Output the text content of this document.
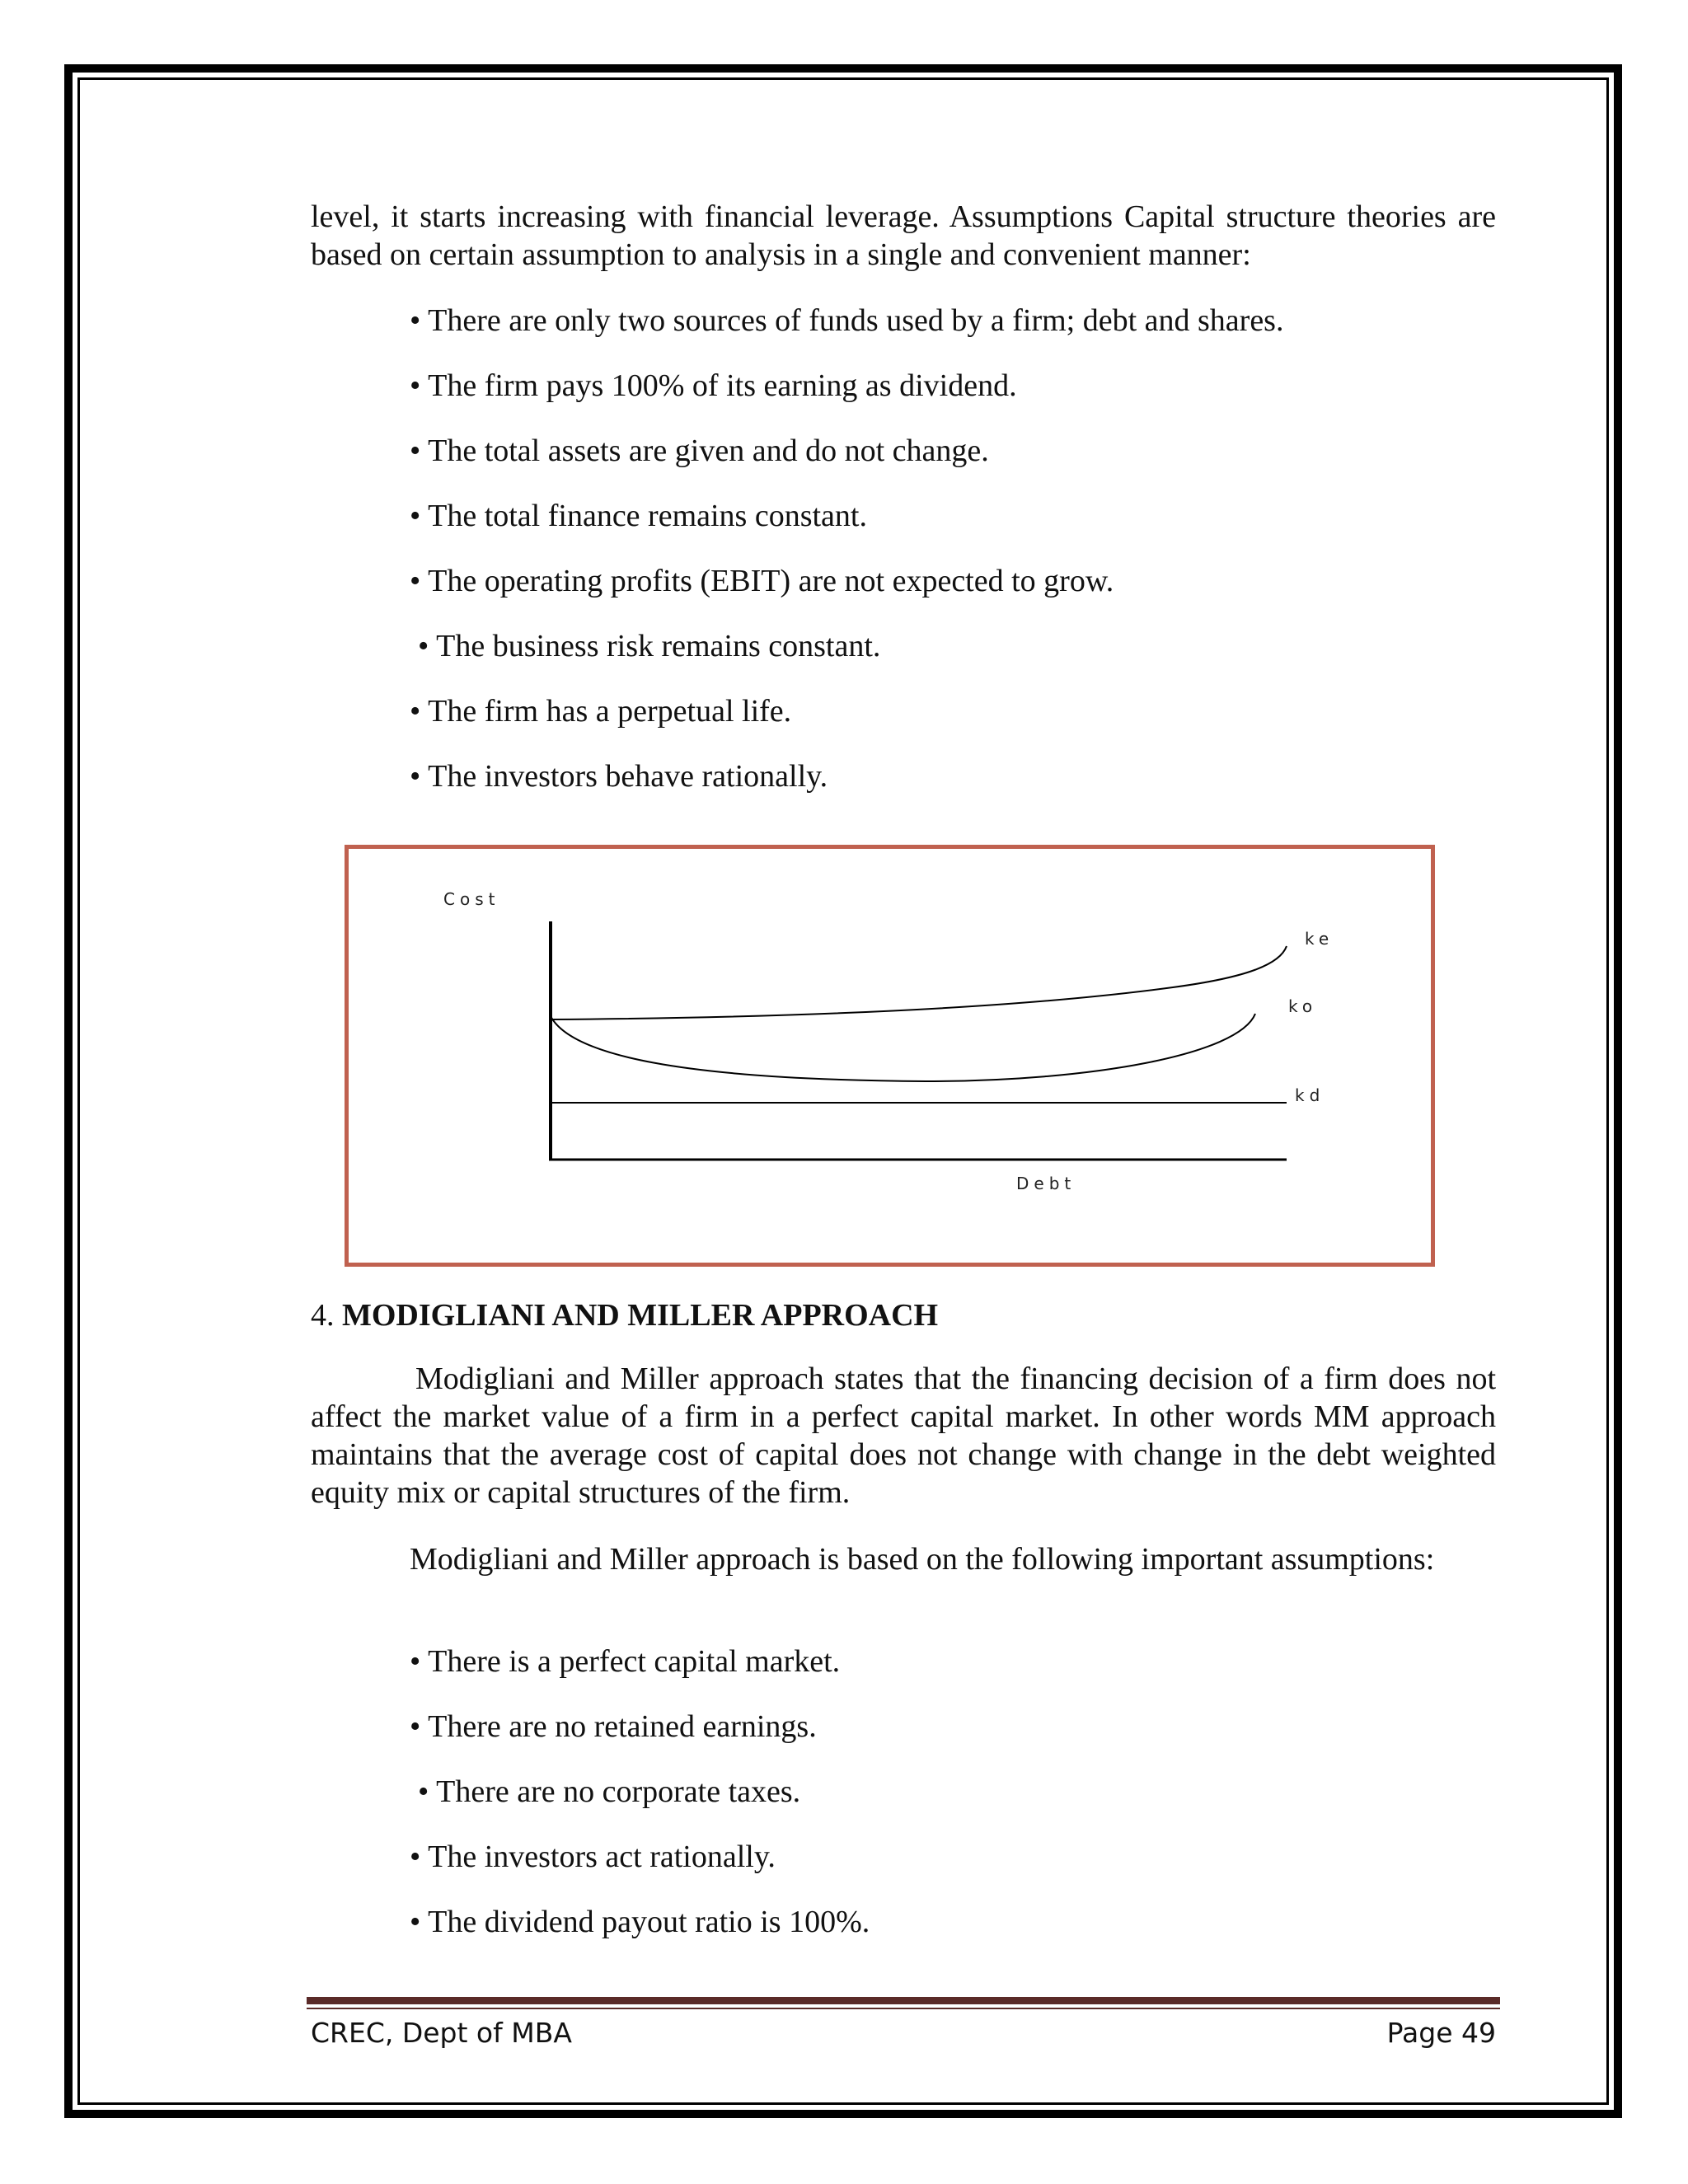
level, it starts increasing with financial leverage. Assumptions Capital structure theories are based on certain assumption to analysis in a single and convenient manner:

• There are only two sources of funds used by a firm; debt and shares.

• The firm pays 100% of its earning as dividend.

• The total assets are given and do not change.

• The total finance remains constant.

• The operating profits (EBIT) are not expected to grow.

• The business risk remains constant.

• The firm has a perpetual life.

• The investors behave rationally.

Cost
Debt
ke
ko
kd

4. MODIGLIANI AND MILLER APPROACH

Modigliani and Miller approach states that the financing decision of a firm does not affect the market value of a firm in a perfect capital market. In other words MM approach maintains that the average cost of capital does not change with change in the debt weighted equity mix or capital structures of the firm.

Modigliani and Miller approach is based on the following important assumptions:

• There is a perfect capital market.

• There are no retained earnings.

• There are no corporate taxes.

• The investors act rationally.

• The dividend payout ratio is 100%.

CREC, Dept of MBA	Page 49
